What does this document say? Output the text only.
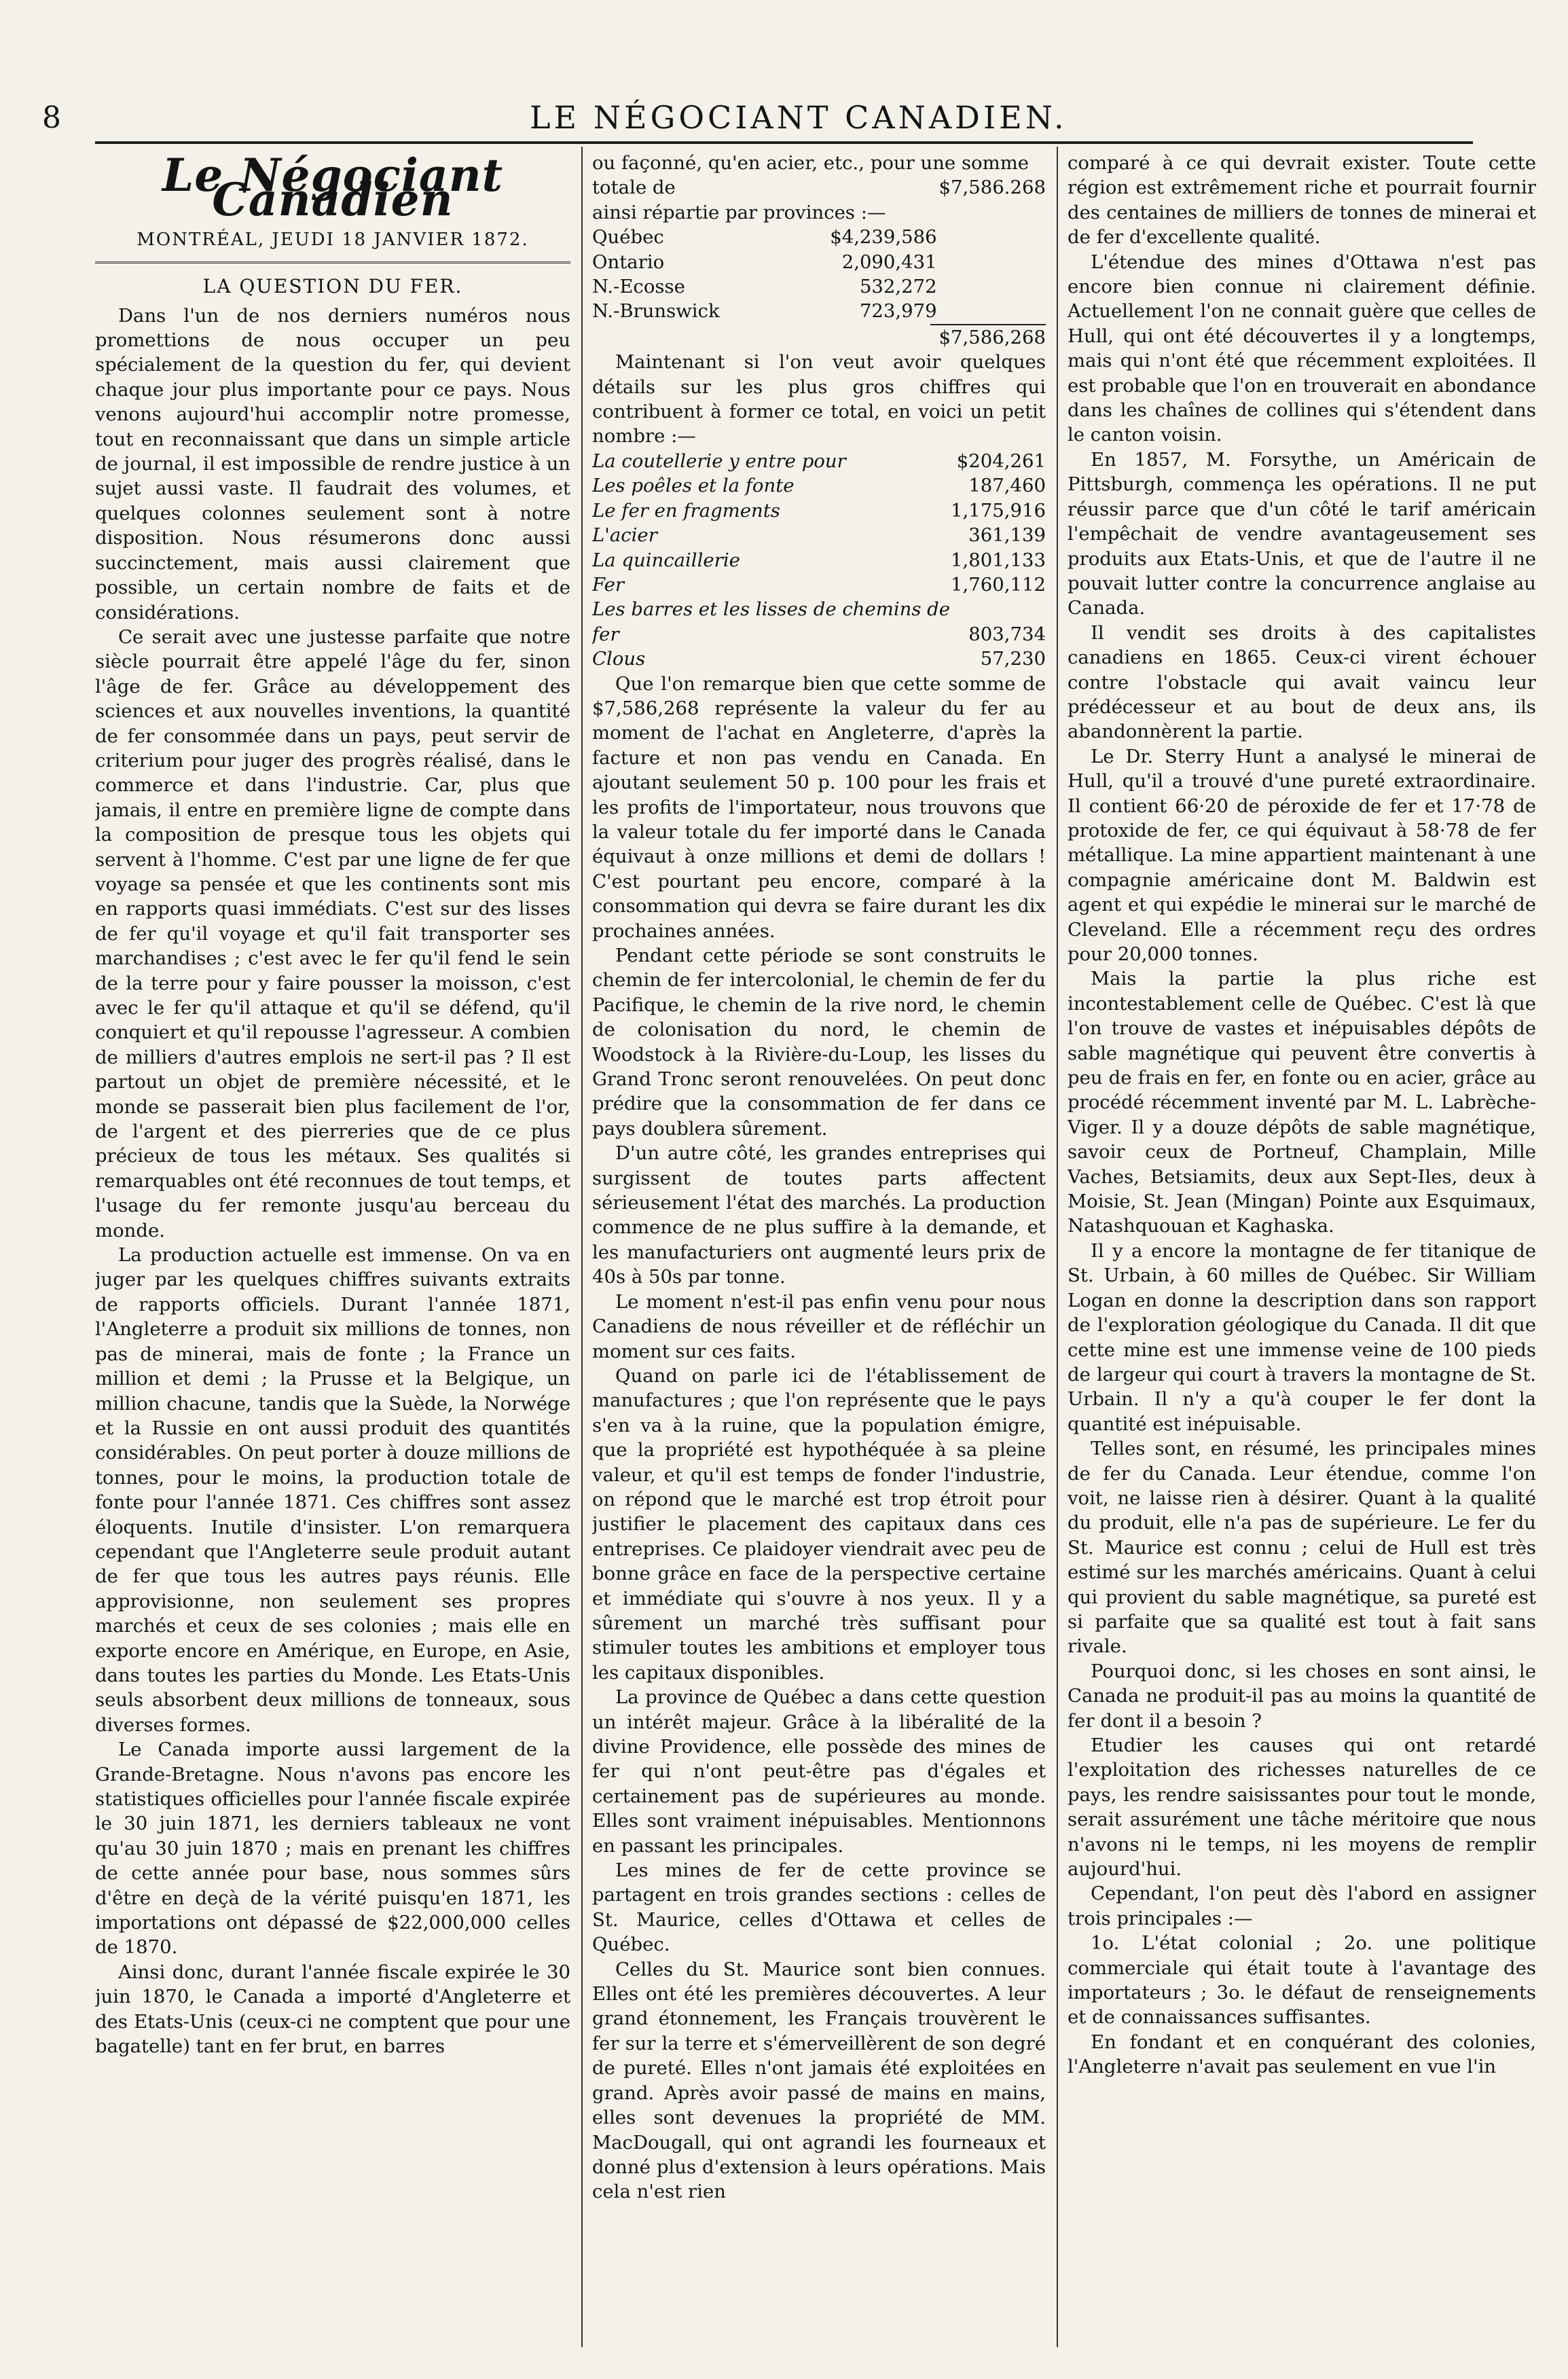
8	LE NÉGOCIANT CANADIEN.
Le Négociant Canadien
MONTRÉAL, JEUDI 18 JANVIER 1872.
LA QUESTION DU FER.

Dans l'un de nos derniers numéros nous promettions de nous occuper un peu spécialement de la question du fer, qui devient chaque jour plus importante pour ce pays. Nous venons aujourd'hui accomplir notre promesse, tout en reconnaissant que dans un simple article de journal, il est impossible de rendre justice à un sujet aussi vaste. Il faudrait des volumes, et quelques colonnes seulement sont à notre disposition. Nous résumerons donc aussi succinctement, mais aussi clairement que possible, un certain nombre de faits et de considérations.

Ce serait avec une justesse parfaite que notre siècle pourrait être appelé l'âge du fer, sinon l'âge de fer. Grâce au développement des sciences et aux nouvelles inventions, la quantité de fer consommée dans un pays, peut servir de criterium pour juger des progrès réalisé, dans le commerce et dans l'industrie. Car, plus que jamais, il entre en première ligne de compte dans la composition de presque tous les objets qui servent à l'homme. C'est par une ligne de fer que voyage sa pensée et que les continents sont mis en rapports quasi immédiats. C'est sur des lisses de fer qu'il voyage et qu'il fait transporter ses marchandises ; c'est avec le fer qu'il fend le sein de la terre pour y faire pousser la moisson, c'est avec le fer qu'il attaque et qu'il se défend, qu'il conquiert et qu'il repousse l'agresseur. A combien de milliers d'autres emplois ne sert-il pas ? Il est partout un objet de première nécessité, et le monde se passerait bien plus facilement de l'or, de l'argent et des pierreries que de ce plus précieux de tous les métaux. Ses qualités si remarquables ont été reconnues de tout temps, et l'usage du fer remonte jusqu'au berceau du monde.

La production actuelle est immense. On va en juger par les quelques chiffres suivants extraits de rapports officiels. Durant l'année 1871, l'Angleterre a produit six millions de tonnes, non pas de minerai, mais de fonte ; la France un million et demi ; la Prusse et la Belgique, un million chacune, tandis que la Suède, la Norwége et la Russie en ont aussi produit des quantités considérables. On peut porter à douze millions de tonnes, pour le moins, la production totale de fonte pour l'année 1871. Ces chiffres sont assez éloquents. Inutile d'insister. L'on remarquera cependant que l'Angleterre seule produit autant de fer que tous les autres pays réunis. Elle approvisionne, non seulement ses propres marchés et ceux de ses colonies ; mais elle en exporte encore en Amérique, en Europe, en Asie, dans toutes les parties du Monde. Les Etats-Unis seuls absorbent deux millions de tonneaux, sous diverses formes.

Le Canada importe aussi largement de la Grande-Bretagne. Nous n'avons pas encore les statistiques officielles pour l'année fiscale expirée le 30 juin 1871, les derniers tableaux ne vont qu'au 30 juin 1870 ; mais en prenant les chiffres de cette année pour base, nous sommes sûrs d'être en deçà de la vérité puisqu'en 1871, les importations ont dépassé de $22,000,000 celles de 1870.

Ainsi donc, durant l'année fiscale expirée le 30 juin 1870, le Canada a importé d'Angleterre et des Etats-Unis (ceux-ci ne comptent que pour une bagatelle) tant en fer brut, en barres

ou façonné, qu'en acier, etc., pour une somme
totale de	$7,586.268
ainsi répartie par provinces :—
Québec	$4,239,586
Ontario	2,090,431
N.-Ecosse	532,272
N.-Brunswick	723,979
	$7,586,268

Maintenant si l'on veut avoir quelques détails sur les plus gros chiffres qui contribuent à former ce total, en voici un petit nombre :—

La coutellerie y entre pour	$204,261
Les poêles et la fonte	187,460
Le fer en fragments	1,175,916
L'acier	361,139
La quincaillerie	1,801,133
Fer	1,760,112
Les barres et les lisses de chemins de fer	803,734
Clous	57,230

Que l'on remarque bien que cette somme de $7,586,268 représente la valeur du fer au moment de l'achat en Angleterre, d'après la facture et non pas vendu en Canada. En ajoutant seulement 50 p. 100 pour les frais et les profits de l'importateur, nous trouvons que la valeur totale du fer importé dans le Canada équivaut à onze millions et demi de dollars ! C'est pourtant peu encore, comparé à la consommation qui devra se faire durant les dix prochaines années.

Pendant cette période se sont construits le chemin de fer intercolonial, le chemin de fer du Pacifique, le chemin de la rive nord, le chemin de colonisation du nord, le chemin de Woodstock à la Rivière-du-Loup, les lisses du Grand Tronc seront renouvelées. On peut donc prédire que la consommation de fer dans ce pays doublera sûrement.

D'un autre côté, les grandes entreprises qui surgissent de toutes parts affectent sérieusement l'état des marchés. La production commence de ne plus suffire à la demande, et les manufacturiers ont augmenté leurs prix de 40s à 50s par tonne.

Le moment n'est-il pas enfin venu pour nous Canadiens de nous réveiller et de réfléchir un moment sur ces faits.

Quand on parle ici de l'établissement de manufactures ; que l'on représente que le pays s'en va à la ruine, que la population émigre, que la propriété est hypothéquée à sa pleine valeur, et qu'il est temps de fonder l'industrie, on répond que le marché est trop étroit pour justifier le placement des capitaux dans ces entreprises. Ce plaidoyer viendrait avec peu de bonne grâce en face de la perspective certaine et immédiate qui s'ouvre à nos yeux. Il y a sûrement un marché très suffisant pour stimuler toutes les ambitions et employer tous les capitaux disponibles.

La province de Québec a dans cette question un intérêt majeur. Grâce à la libéralité de la divine Providence, elle possède des mines de fer qui n'ont peut-être pas d'égales et certainement pas de supérieures au monde. Elles sont vraiment inépuisables. Mentionnons en passant les principales.

Les mines de fer de cette province se partagent en trois grandes sections : celles de St. Maurice, celles d'Ottawa et celles de Québec.

Celles du St. Maurice sont bien connues. Elles ont été les premières découvertes. A leur grand étonnement, les Français trouvèrent le fer sur la terre et s'émerveillèrent de son degré de pureté. Elles n'ont jamais été exploitées en grand. Après avoir passé de mains en mains, elles sont devenues la propriété de MM. MacDougall, qui ont agrandi les fourneaux et donné plus d'extension à leurs opérations. Mais cela n'est rien

comparé à ce qui devrait exister. Toute cette région est extrêmement riche et pourrait fournir des centaines de milliers de tonnes de minerai et de fer d'excellente qualité.

L'étendue des mines d'Ottawa n'est pas encore bien connue ni clairement définie. Actuellement l'on ne connait guère que celles de Hull, qui ont été découvertes il y a longtemps, mais qui n'ont été que récemment exploitées. Il est probable que l'on en trouverait en abondance dans les chaînes de collines qui s'étendent dans le canton voisin.

En 1857, M. Forsythe, un Américain de Pittsburgh, commença les opérations. Il ne put réussir parce que d'un côté le tarif américain l'empêchait de vendre avantageusement ses produits aux Etats-Unis, et que de l'autre il ne pouvait lutter contre la concurrence anglaise au Canada.

Il vendit ses droits à des capitalistes canadiens en 1865. Ceux-ci virent échouer contre l'obstacle qui avait vaincu leur prédécesseur et au bout de deux ans, ils abandonnèrent la partie.

Le Dr. Sterry Hunt a analysé le minerai de Hull, qu'il a trouvé d'une pureté extraordinaire. Il contient 66·20 de péroxide de fer et 17·78 de protoxide de fer, ce qui équivaut à 58·78 de fer métallique. La mine appartient maintenant à une compagnie américaine dont M. Baldwin est agent et qui expédie le minerai sur le marché de Cleveland. Elle a récemment reçu des ordres pour 20,000 tonnes.

Mais la partie la plus riche est incontestablement celle de Québec. C'est là que l'on trouve de vastes et inépuisables dépôts de sable magnétique qui peuvent être convertis à peu de frais en fer, en fonte ou en acier, grâce au procédé récemment inventé par M. L. Labrèche-Viger. Il y a douze dépôts de sable magnétique, savoir ceux de Portneuf, Champlain, Mille Vaches, Betsiamits, deux aux Sept-Iles, deux à Moisie, St. Jean (Mingan) Pointe aux Esquimaux, Natashquouan et Kaghaska.

Il y a encore la montagne de fer titanique de St. Urbain, à 60 milles de Québec. Sir William Logan en donne la description dans son rapport de l'exploration géologique du Canada. Il dit que cette mine est une immense veine de 100 pieds de largeur qui court à travers la montagne de St. Urbain. Il n'y a qu'à couper le fer dont la quantité est inépuisable.

Telles sont, en résumé, les principales mines de fer du Canada. Leur étendue, comme l'on voit, ne laisse rien à désirer. Quant à la qualité du produit, elle n'a pas de supérieure. Le fer du St. Maurice est connu ; celui de Hull est très estimé sur les marchés américains. Quant à celui qui provient du sable magnétique, sa pureté est si parfaite que sa qualité est tout à fait sans rivale.

Pourquoi donc, si les choses en sont ainsi, le Canada ne produit-il pas au moins la quantité de fer dont il a besoin ?

Etudier les causes qui ont retardé l'exploitation des richesses naturelles de ce pays, les rendre saisissantes pour tout le monde, serait assurément une tâche méritoire que nous n'avons ni le temps, ni les moyens de remplir aujourd'hui.

Cependant, l'on peut dès l'abord en assigner trois principales :—

1o. L'état colonial ; 2o. une politique commerciale qui était toute à l'avantage des importateurs ; 3o. le défaut de renseignements et de connaissances suffisantes.

En fondant et en conquérant des colonies, l'Angleterre n'avait pas seulement en vue l'in
